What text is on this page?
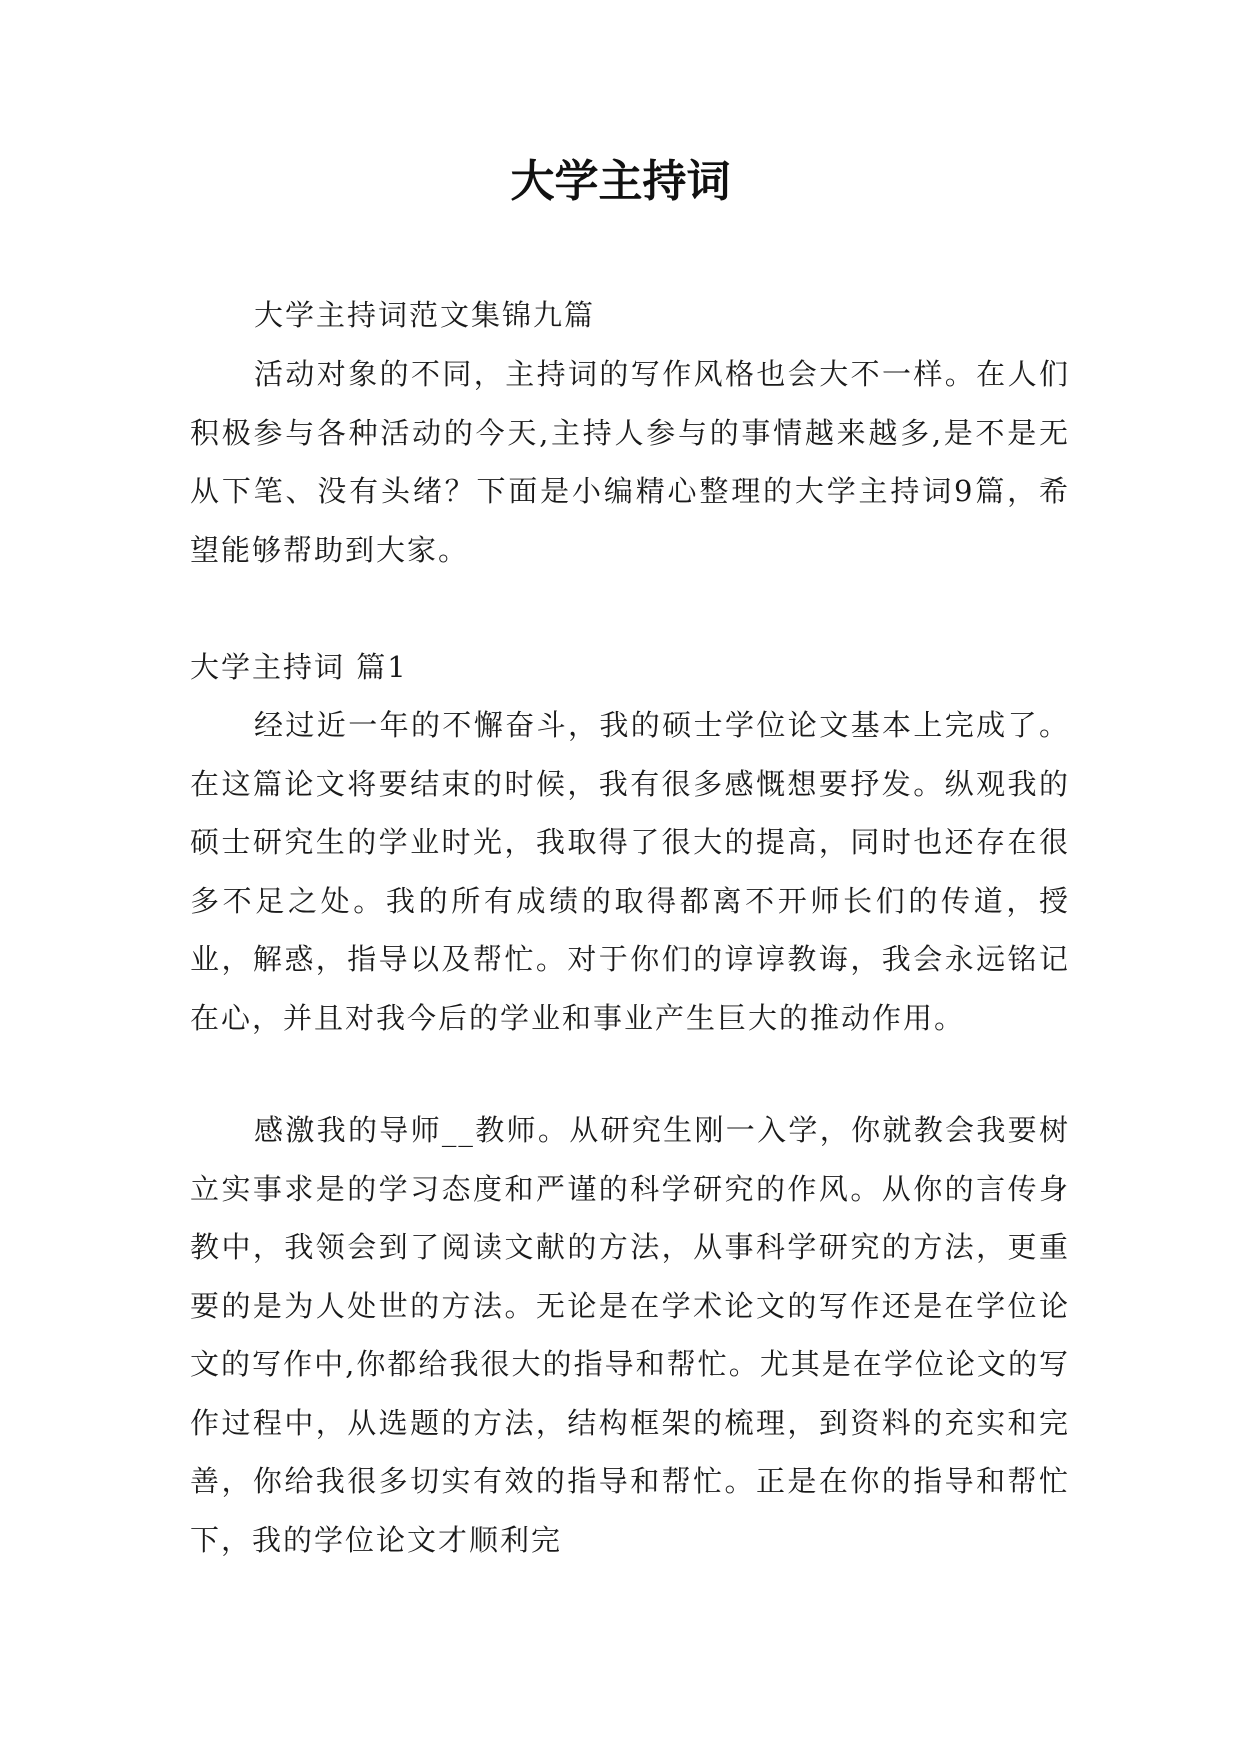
大学主持词

大学主持词范文集锦九篇

活动对象的不同，主持词的写作风格也会大不一样。在人们积极参与各种活动的今天,主持人参与的事情越来越多,是不是无从下笔、没有头绪？下面是小编精心整理的大学主持词9篇，希望能够帮助到大家。

大学主持词 篇1

经过近一年的不懈奋斗，我的硕士学位论文基本上完成了。在这篇论文将要结束的时候，我有很多感慨想要抒发。纵观我的硕士研究生的学业时光，我取得了很大的提高，同时也还存在很多不足之处。我的所有成绩的取得都离不开师长们的传道，授业，解惑，指导以及帮忙。对于你们的谆谆教诲，我会永远铭记在心，并且对我今后的学业和事业产生巨大的推动作用。

感激我的导师__教师。从研究生刚一入学，你就教会我要树立实事求是的学习态度和严谨的科学研究的作风。从你的言传身教中，我领会到了阅读文献的方法，从事科学研究的方法，更重要的是为人处世的方法。无论是在学术论文的写作还是在学位论文的写作中,你都给我很大的指导和帮忙。尤其是在学位论文的写作过程中，从选题的方法，结构框架的梳理，到资料的充实和完善，你给我很多切实有效的指导和帮忙。正是在你的指导和帮忙下，我的学位论文才顺利完
